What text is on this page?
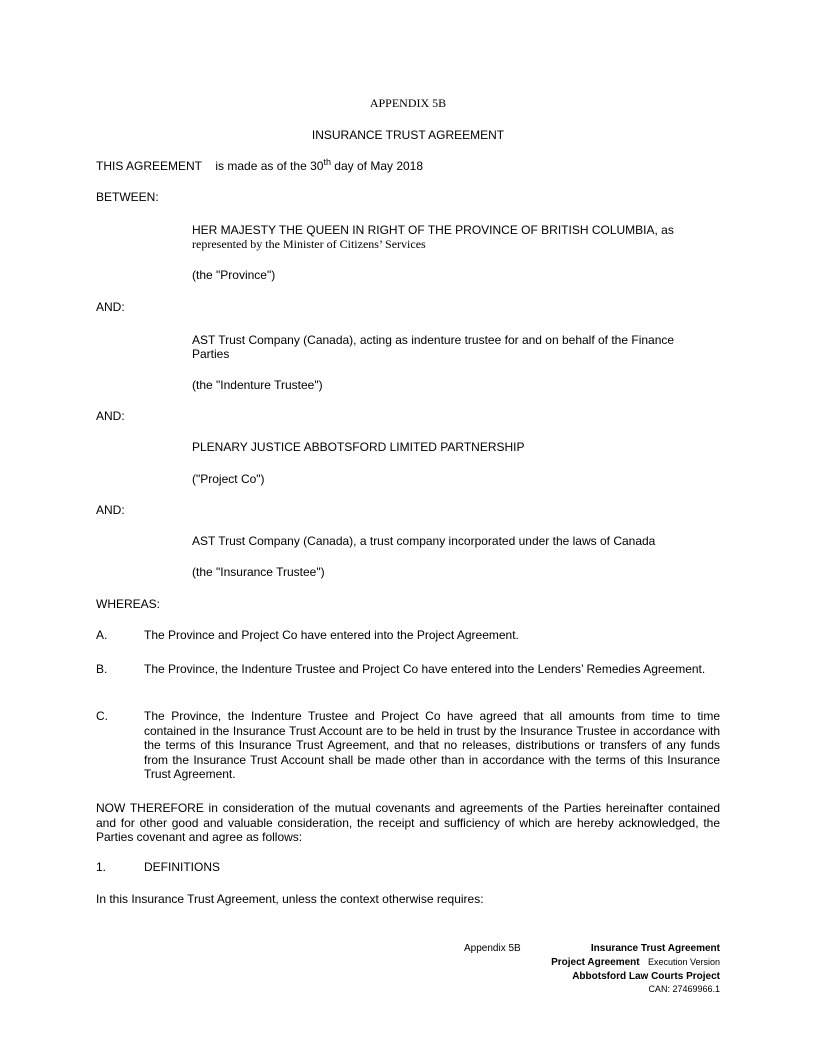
APPENDIX 5B
INSURANCE TRUST AGREEMENT
THIS AGREEMENT is made as of the 30th day of May 2018
BETWEEN:
HER MAJESTY THE QUEEN IN RIGHT OF THE PROVINCE OF BRITISH COLUMBIA, as
represented by the Minister of Citizens’ Services
(the "Province")
AND:
AST Trust Company (Canada), acting as indenture trustee for and on behalf of the Finance
Parties
(the "Indenture Trustee")
AND:
PLENARY JUSTICE ABBOTSFORD LIMITED PARTNERSHIP
("Project Co")
AND:
AST Trust Company (Canada), a trust company incorporated under the laws of Canada
(the "Insurance Trustee")
WHEREAS:
A.	The Province and Project Co have entered into the Project Agreement.
B.	The Province, the Indenture Trustee and Project Co have entered into the Lenders’ Remedies Agreement.
C.	The Province, the Indenture Trustee and Project Co have agreed that all amounts from time to time contained in the Insurance Trust Account are to be held in trust by the Insurance Trustee in accordance with the terms of this Insurance Trust Agreement, and that no releases, distributions or transfers of any funds from the Insurance Trust Account shall be made other than in accordance with the terms of this Insurance Trust Agreement.
NOW THEREFORE in consideration of the mutual covenants and agreements of the Parties hereinafter contained and for other good and valuable consideration, the receipt and sufficiency of which are hereby acknowledged, the Parties covenant and agree as follows:
1.	DEFINITIONS
In this Insurance Trust Agreement, unless the context otherwise requires:
Appendix 5B	Insurance Trust Agreement
Project Agreement Execution Version
Abbotsford Law Courts Project
CAN: 27469966.1
